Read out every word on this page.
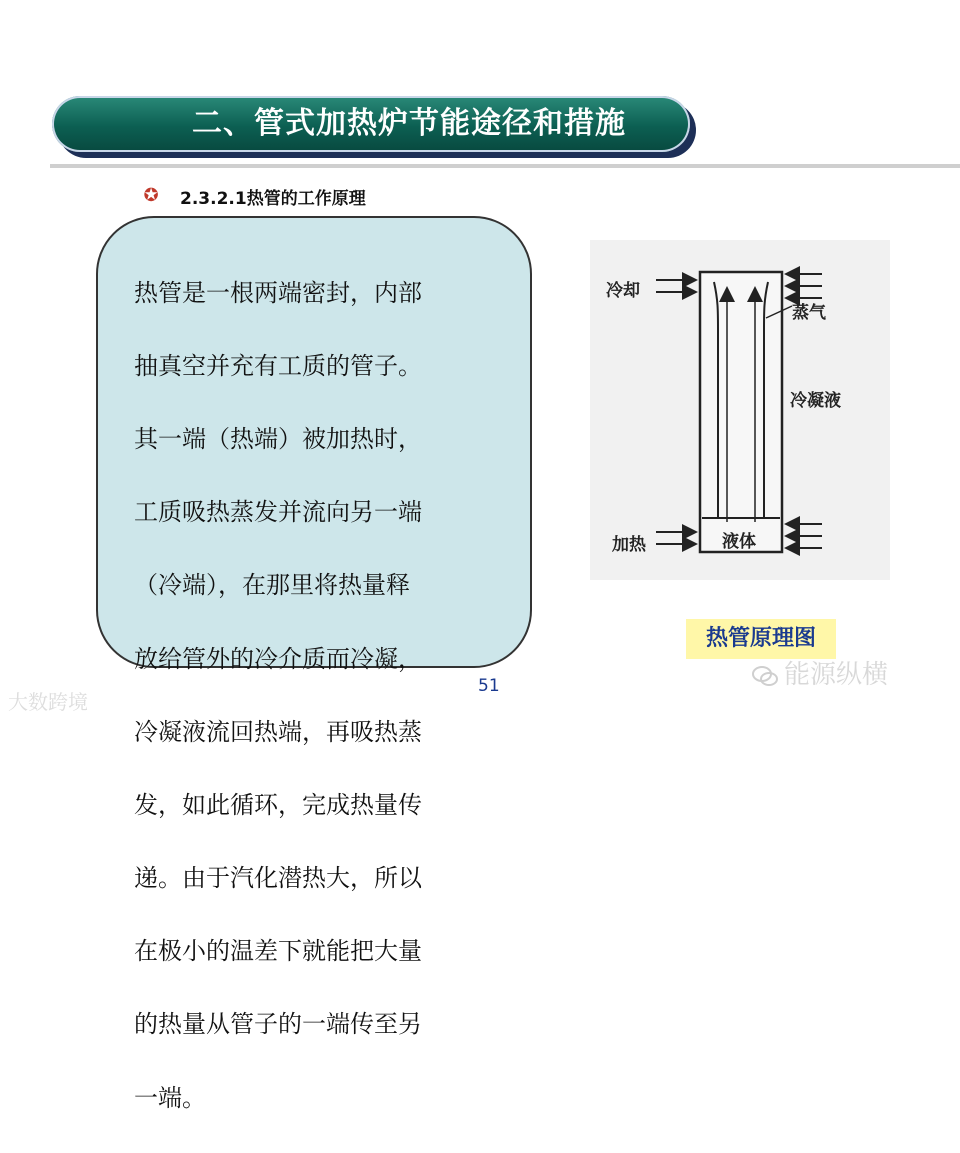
二、管式加热炉节能途径和措施
✪ 2.3.2.1热管的工作原理

热管是一根两端密封，内部

抽真空并充有工质的管子。

其一端（热端）被加热时，

工质吸热蒸发并流向另一端

（冷端），在那里将热量释

放给管外的冷介质而冷凝，

冷凝液流回热端，再吸热蒸

发，如此循环，完成热量传

递。由于汽化潜热大，所以

在极小的温差下就能把大量

的热量从管子的一端传至另

一端。

冷却
蒸气
冷凝液
加热	液体
热管原理图
51
大数跨境
能源纵横
